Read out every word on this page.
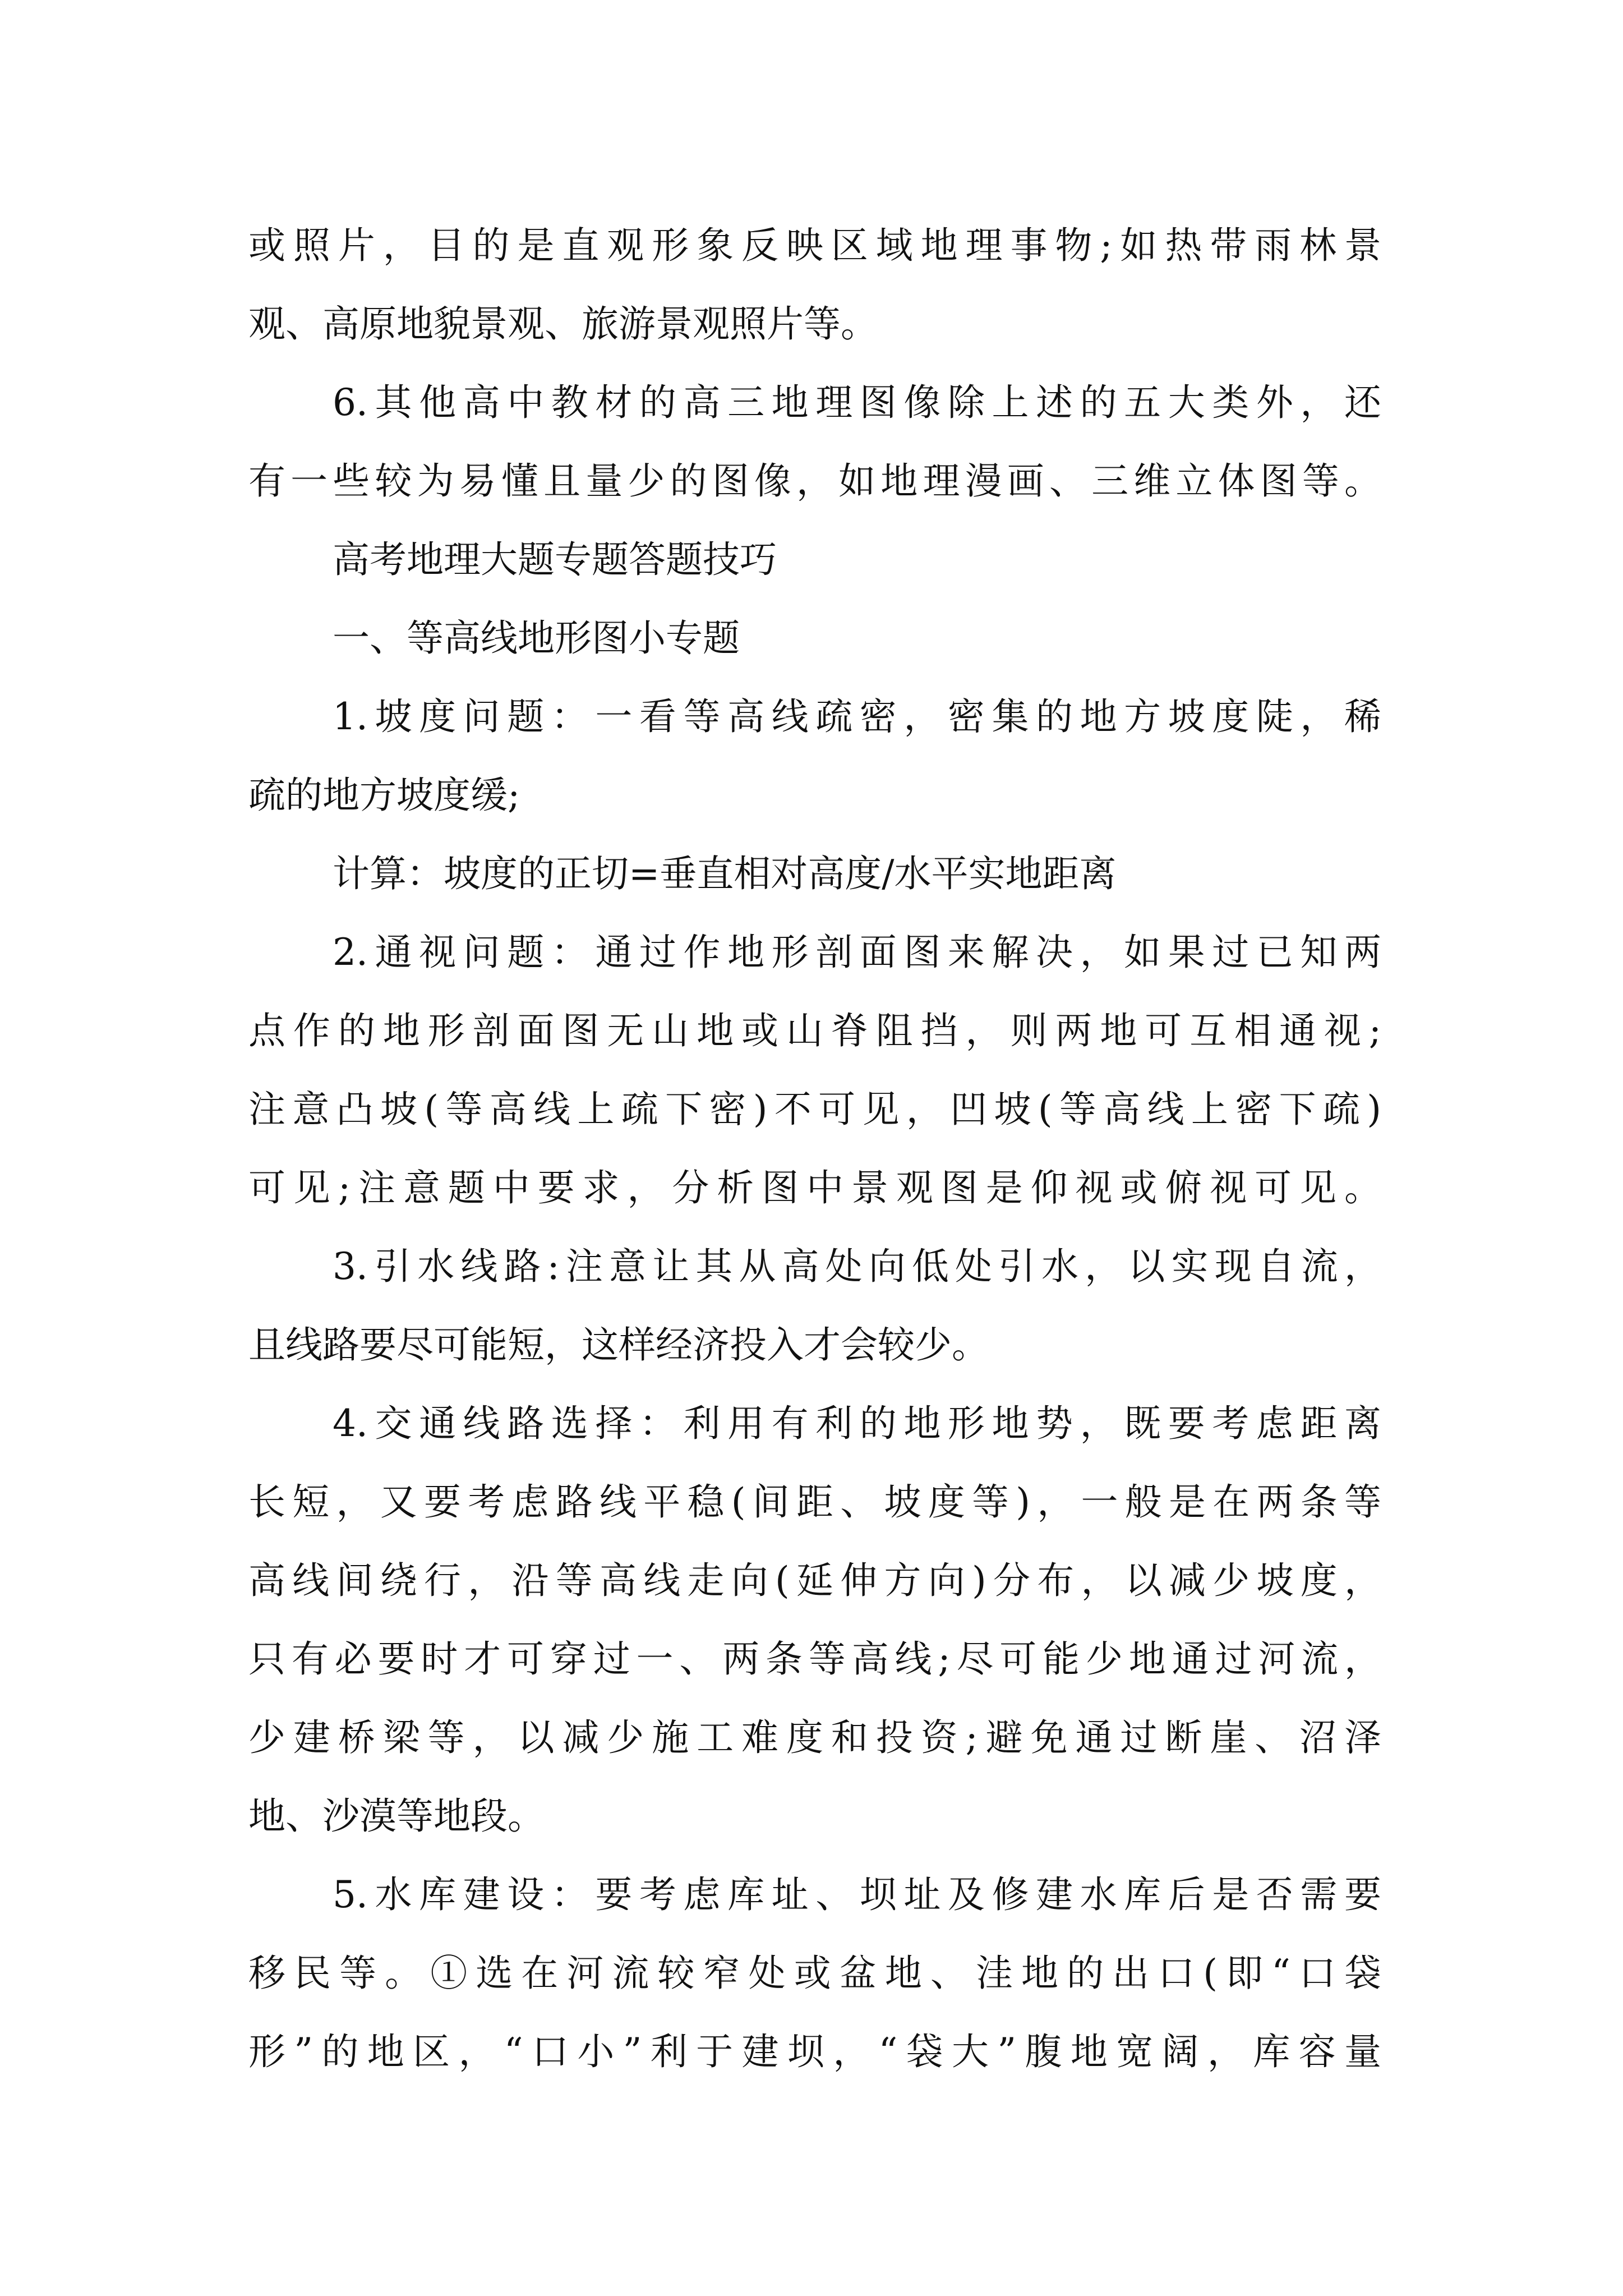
或照片，目的是直观形象反映区域地理事物;如热带雨林景
观、高原地貌景观、旅游景观照片等。
6.其他高中教材的高三地理图像除上述的五大类外，还
有一些较为易懂且量少的图像，如地理漫画、三维立体图等。
高考地理大题专题答题技巧
一、等高线地形图小专题
1.坡度问题：一看等高线疏密，密集的地方坡度陡，稀
疏的地方坡度缓;
计算：坡度的正切=垂直相对高度/水平实地距离
2.通视问题：通过作地形剖面图来解决，如果过已知两
点作的地形剖面图无山地或山脊阻挡，则两地可互相通视;
注意凸坡(等高线上疏下密)不可见，凹坡(等高线上密下疏)
可见;注意题中要求，分析图中景观图是仰视或俯视可见。
3.引水线路:注意让其从高处向低处引水，以实现自流，
且线路要尽可能短，这样经济投入才会较少。
4.交通线路选择：利用有利的地形地势，既要考虑距离
长短，又要考虑路线平稳(间距、坡度等)，一般是在两条等
高线间绕行，沿等高线走向(延伸方向)分布，以减少坡度，
只有必要时才可穿过一、两条等高线;尽可能少地通过河流，
少建桥梁等，以减少施工难度和投资;避免通过断崖、沼泽
地、沙漠等地段。
5.水库建设：要考虑库址、坝址及修建水库后是否需要
移民等。①选在河流较窄处或盆地、洼地的出口(即“口袋
形”的地区，“口小”利于建坝，“袋大”腹地宽阔，库容量
